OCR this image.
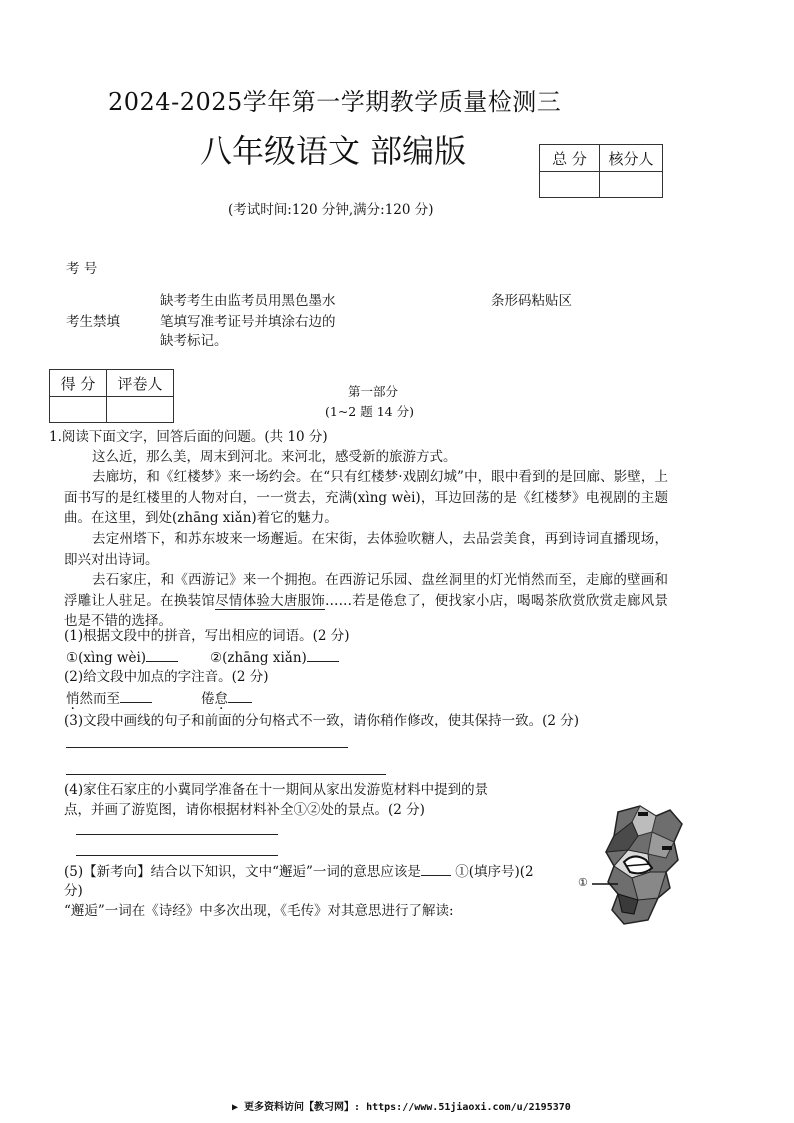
2024-2025学年第一学期教学质量检测三
八年级语文 部编版
(考试时间:120 分钟,满分:120 分)
总 分	核分人

考 号
缺考考生由监考员用黑色墨水
考生禁填	笔填写准考证号并填涂右边的
缺考标记。
条形码粘贴区
得 分	评卷人
		第一部分
(1~2 题 14 分)
1.阅读下面文字，回答后面的问题。(共 10 分)
这么近，那么美，周末到河北。来河北，感受新的旅游方式。
去廊坊，和《红楼梦》来一场约会。在“只有红楼梦·戏剧幻城”中，眼中看到的是回廊、影壁，上面书写的是红楼里的人物对白，一一赏去，充满(xìng wèi)，耳边回荡的是《红楼梦》电视剧的主题曲。在这里，到处(zhāng xiǎn)着它的魅力。
去定州塔下，和苏东坡来一场邂逅。在宋街，去体验吹糖人，去品尝美食，再到诗词直播现场，即兴对出诗词。
去石家庄，和《西游记》来一个拥抱。在西游记乐园、盘丝洞里的灯光悄然而至，走廊的壁画和浮雕让人驻足。在换装馆尽情体验大唐服饰……若是倦怠了，便找家小店，喝喝茶欣赏欣赏走廊风景也是不错的选择。
(1)根据文段中的拼音，写出相应的词语。(2 分)
①(xìng wèi)	②(zhāng xiǎn)
(2)给文段中加点的字注音。(2 分)
悄然而至	倦怠
(3)文段中画线的句子和前面的分句格式不一致，请你稍作修改，使其保持一致。(2 分)
(4)家住石家庄的小冀同学准备在十一期间从家出发游览材料中提到的景
点，并画了游览图，请你根据材料补全①②处的景点。(2 分)
(5)【新考向】结合以下知识，文中“邂逅”一词的意思应该是	①(填序号)(2
分)
“邂逅”一词在《诗经》中多次出现，《毛传》对其意思进行了解读:
①
▶ 更多资料访问【教习网】: https://www.51jiaoxi.com/u/2195370
